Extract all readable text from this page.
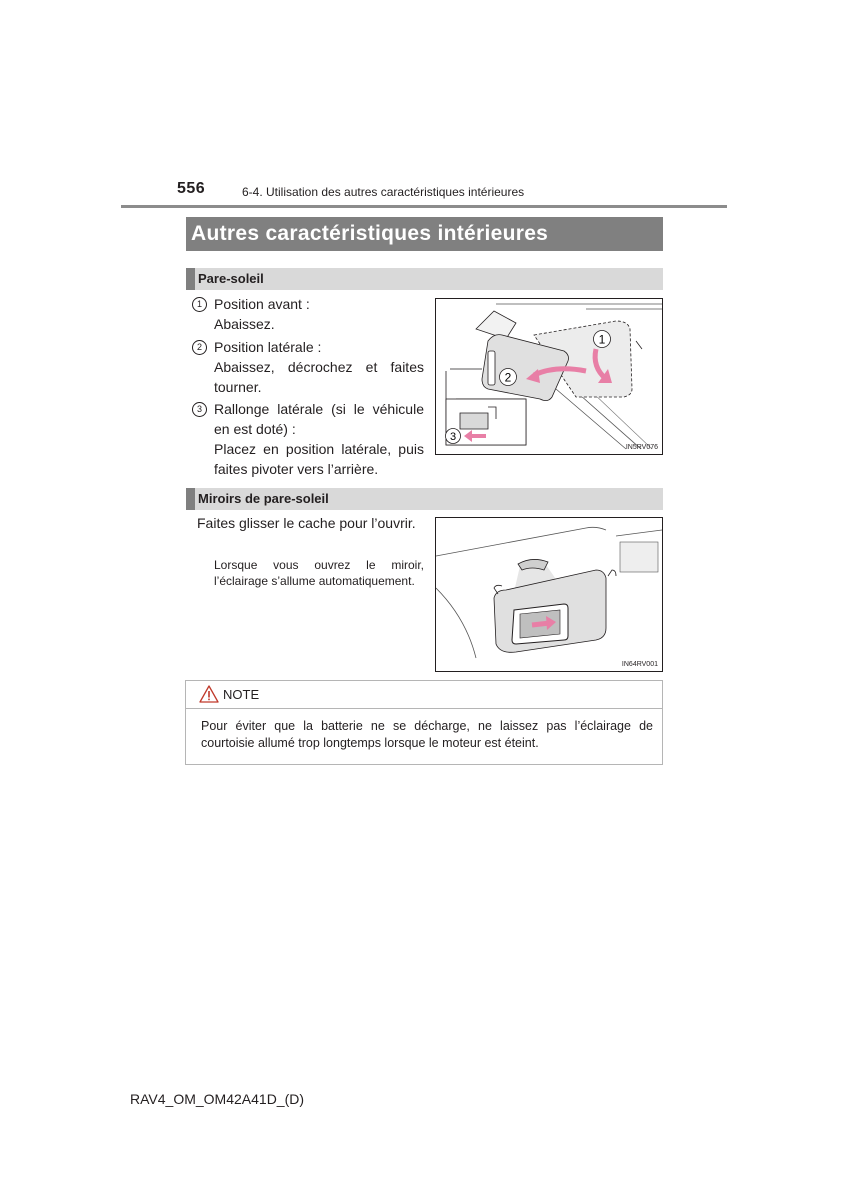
556	6-4. Utilisation des autres caractéristiques intérieures
Autres caractéristiques intérieures
Pare-soleil
1 Position avant :
Abaissez.
2 Position latérale :
Abaissez, décrochez et faites tourner.
3 Rallonge latérale (si le véhicule en est doté) :
Placez en position latérale, puis faites pivoter vers l’arrière.
1
2
3
IN5RV076
Miroirs de pare-soleil
Faites glisser le cache pour l’ouvrir.
Lorsque vous ouvrez le miroir, l’éclairage s’allume automatiquement.
IN64RV001
NOTE
Pour éviter que la batterie ne se décharge, ne laissez pas l’éclairage de courtoisie allumé trop longtemps lorsque le moteur est éteint.
RAV4_OM_OM42A41D_(D)
